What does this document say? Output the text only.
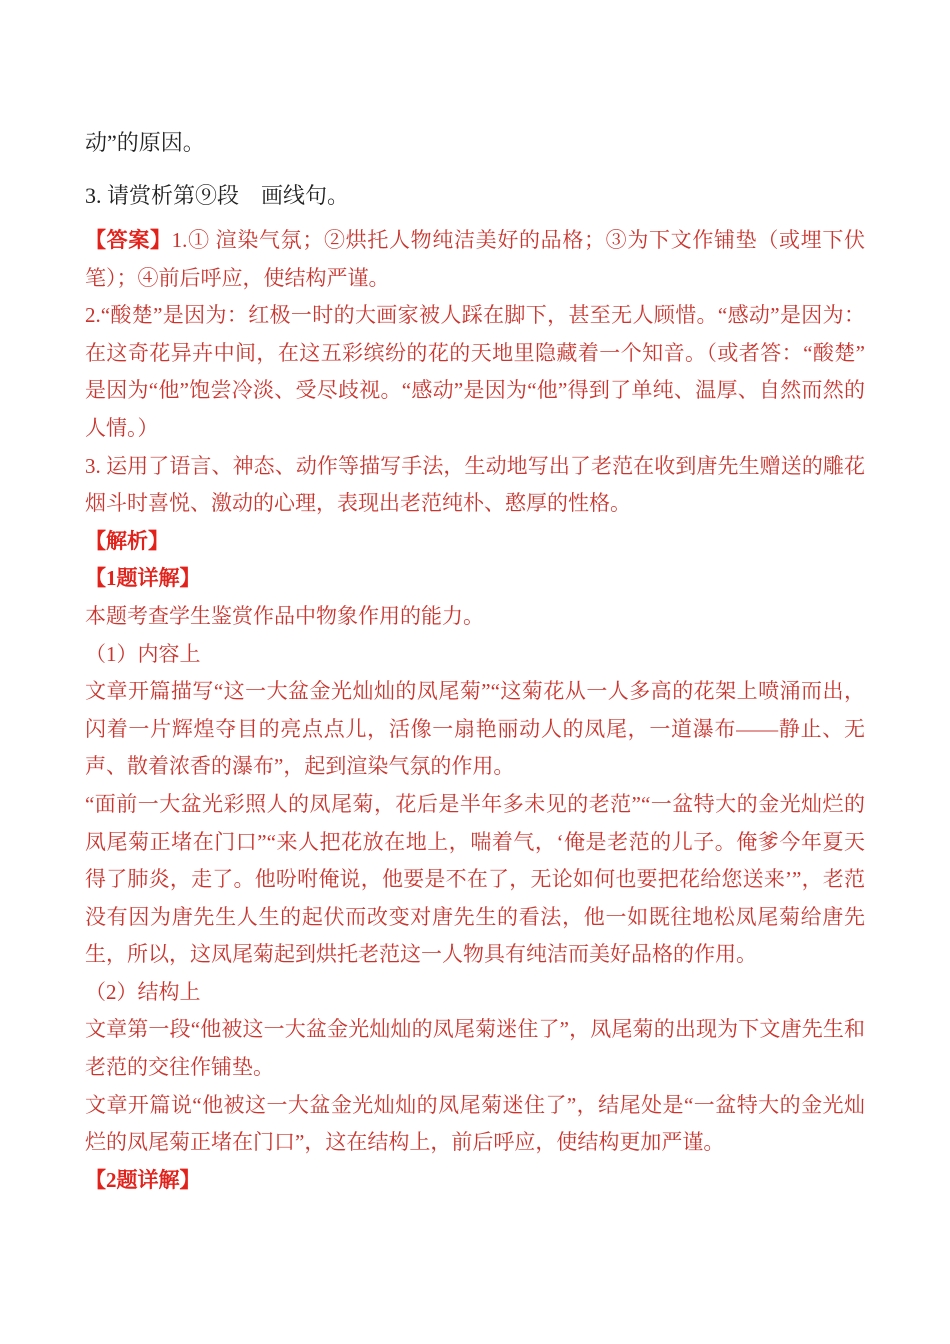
动”的原因。

3. 请赏析第⑨段　画线句。

【答案】1.① 渲染气氛；②烘托人物纯洁美好的品格；③为下文作铺垫（或埋下伏笔）；④前后呼应，使结构严谨。

2.“酸楚”是因为：红极一时的大画家被人踩在脚下，甚至无人顾惜。“感动”是因为：在这奇花异卉中间，在这五彩缤纷的花的天地里隐藏着一个知音。（或者答：“酸楚”是因为“他”饱尝冷淡、受尽歧视。“感动”是因为“他”得到了单纯、温厚、自然而然的人情。）

3. 运用了语言、神态、动作等描写手法，生动地写出了老范在收到唐先生赠送的雕花烟斗时喜悦、激动的心理，表现出老范纯朴、憨厚的性格。

【解析】

【1题详解】

本题考查学生鉴赏作品中物象作用的能力。

（1）内容上

文章开篇描写“这一大盆金光灿灿的凤尾菊”“这菊花从一人多高的花架上喷涌而出，闪着一片辉煌夺目的亮点点儿，活像一扇艳丽动人的凤尾，一道瀑布——静止、无声、散着浓香的瀑布”，起到渲染气氛的作用。

“面前一大盆光彩照人的凤尾菊，花后是半年多未见的老范”“一盆特大的金光灿烂的凤尾菊正堵在门口”“来人把花放在地上，喘着气，‘俺是老范的儿子。俺爹今年夏天得了肺炎，走了。他吩咐俺说，他要是不在了，无论如何也要把花给您送来’”，老范没有因为唐先生人生的起伏而改变对唐先生的看法，他一如既往地松凤尾菊给唐先生，所以，这凤尾菊起到烘托老范这一人物具有纯洁而美好品格的作用。

（2）结构上

文章第一段“他被这一大盆金光灿灿的凤尾菊迷住了”，凤尾菊的出现为下文唐先生和老范的交往作铺垫。

文章开篇说“他被这一大盆金光灿灿的凤尾菊迷住了”，结尾处是“一盆特大的金光灿烂的凤尾菊正堵在门口”，这在结构上，前后呼应，使结构更加严谨。

【2题详解】
